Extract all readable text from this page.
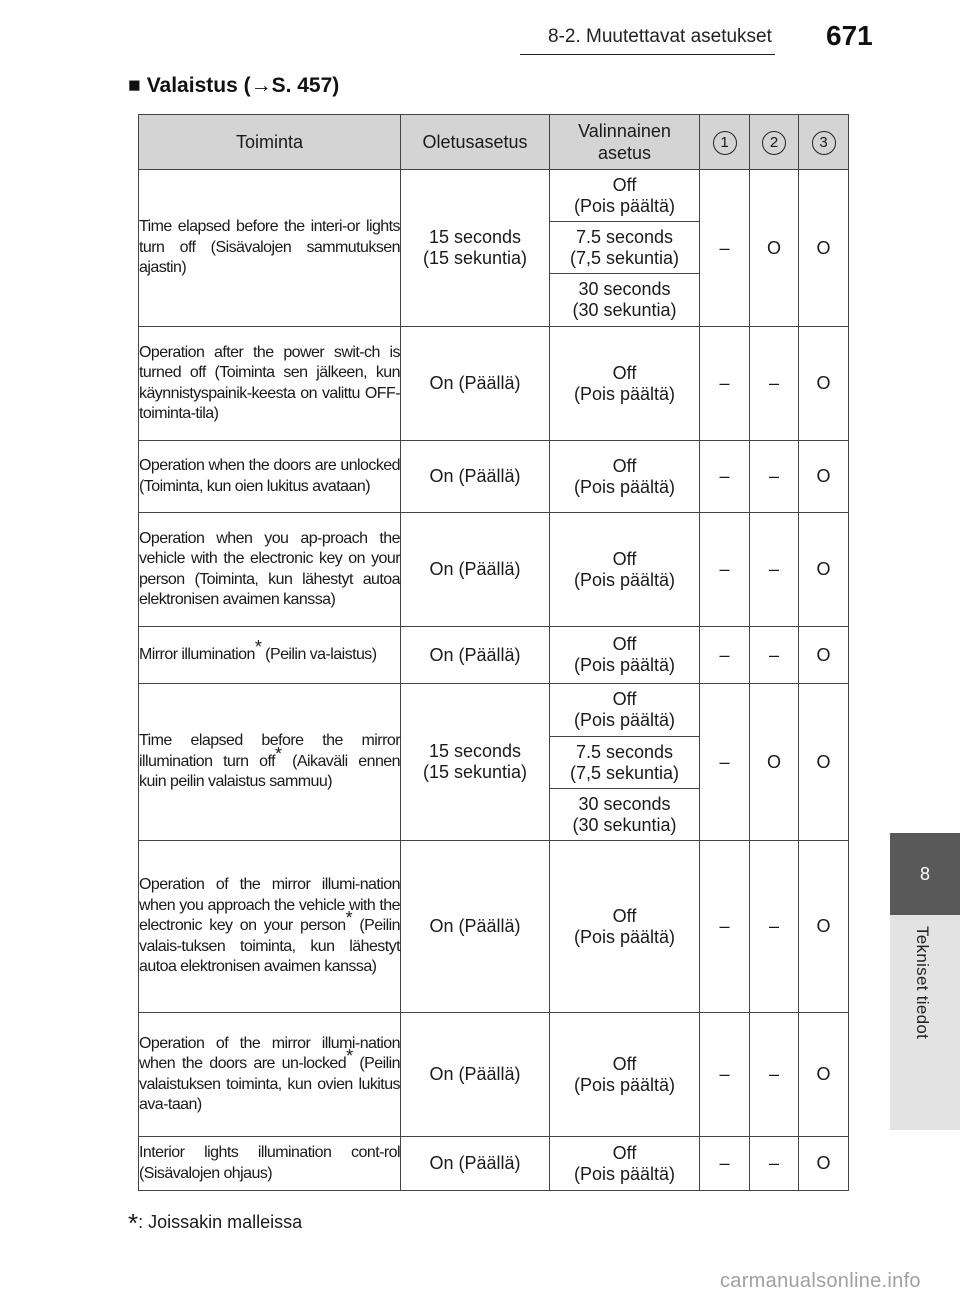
8-2. Muutettavat asetukset 671
8
Tekniset tiedot
■ Valaistus (→S. 457)
Toiminta	Oletusasetus	Valinnainen asetus	1	2	3
Time elapsed before the interi-or lights turn off (Sisävalojen sammutuksen ajastin)	15 seconds
(15 sekuntia)	Off
(Pois päältä)	–	O	O
		7.5 seconds
(7,5 sekuntia)			
		30 seconds
(30 sekuntia)			
Operation after the power swit-ch is turned off (Toiminta sen jälkeen, kun käynnistyspainik-keesta on valittu OFF-toiminta-tila)	On (Päällä)	Off
(Pois päältä)	–	–	O
Operation when the doors are unlocked (Toiminta, kun oien lukitus avataan)	On (Päällä)	Off
(Pois päältä)	–	–	O
Operation when you ap-proach the vehicle with the electronic key on your person (Toiminta, kun lähestyt autoa elektronisen avaimen kanssa)	On (Päällä)	Off
(Pois päältä)	–	–	O
Mirror illumination* (Peilin va-laistus)	On (Päällä)	Off
(Pois päältä)	–	–	O
Time elapsed before the mirror illumination turn off* (Aikaväli ennen kuin peilin valaistus sammuu)	15 seconds
(15 sekuntia)	Off
(Pois päältä)	–	O	O
		7.5 seconds
(7,5 sekuntia)			
		30 seconds
(30 sekuntia)			
Operation of the mirror illumi-nation when you approach the vehicle with the electronic key on your person* (Peilin valais-tuksen toiminta, kun lähestyt autoa elektronisen avaimen kanssa)	On (Päällä)	Off
(Pois päältä)	–	–	O
Operation of the mirror illumi-nation when the doors are un-locked* (Peilin valaistuksen toiminta, kun ovien lukitus ava-taan)	On (Päällä)	Off
(Pois päältä)	–	–	O
Interior lights illumination cont-rol (Sisävalojen ohjaus)	On (Päällä)	Off
(Pois päältä)	–	–	O
*: Joissakin malleissa
carmanualsonline.info
